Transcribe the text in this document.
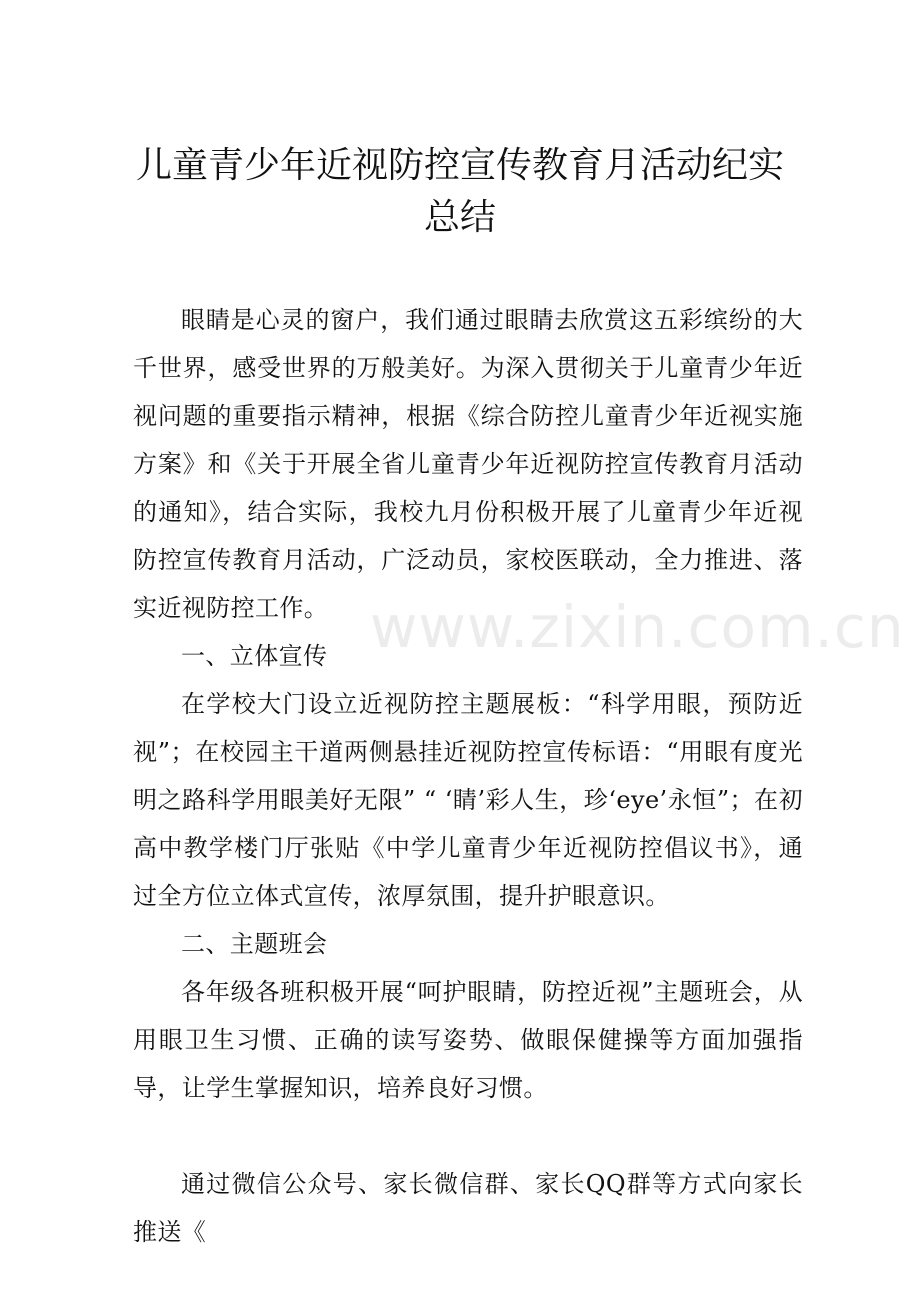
儿童青少年近视防控宣传教育月活动纪实总结

眼睛是心灵的窗户，我们通过眼睛去欣赏这五彩缤纷的大千世界，感受世界的万般美好。为深入贯彻关于儿童青少年近视问题的重要指示精神，根据《综合防控儿童青少年近视实施方案》和《关于开展全省儿童青少年近视防控宣传教育月活动的通知》，结合实际，我校九月份积极开展了儿童青少年近视防控宣传教育月活动，广泛动员，家校医联动，全力推进、落实近视防控工作。

一、立体宣传

在学校大门设立近视防控主题展板：“科学用眼，预防近视”；在校园主干道两侧悬挂近视防控宣传标语：“用眼有度光明之路科学用眼美好无限” “ ‘睛’彩人生，珍‘eye’永恒”；在初高中教学楼门厅张贴《中学儿童青少年近视防控倡议书》，通过全方位立体式宣传，浓厚氛围，提升护眼意识。

二、主题班会

各年级各班积极开展“呵护眼睛，防控近视”主题班会，从用眼卫生习惯、正确的读写姿势、做眼保健操等方面加强指导，让学生掌握知识，培养良好习惯。

通过微信公众号、家长微信群、家长QQ群等方式向家长推送《

www.zixin.com.cn
